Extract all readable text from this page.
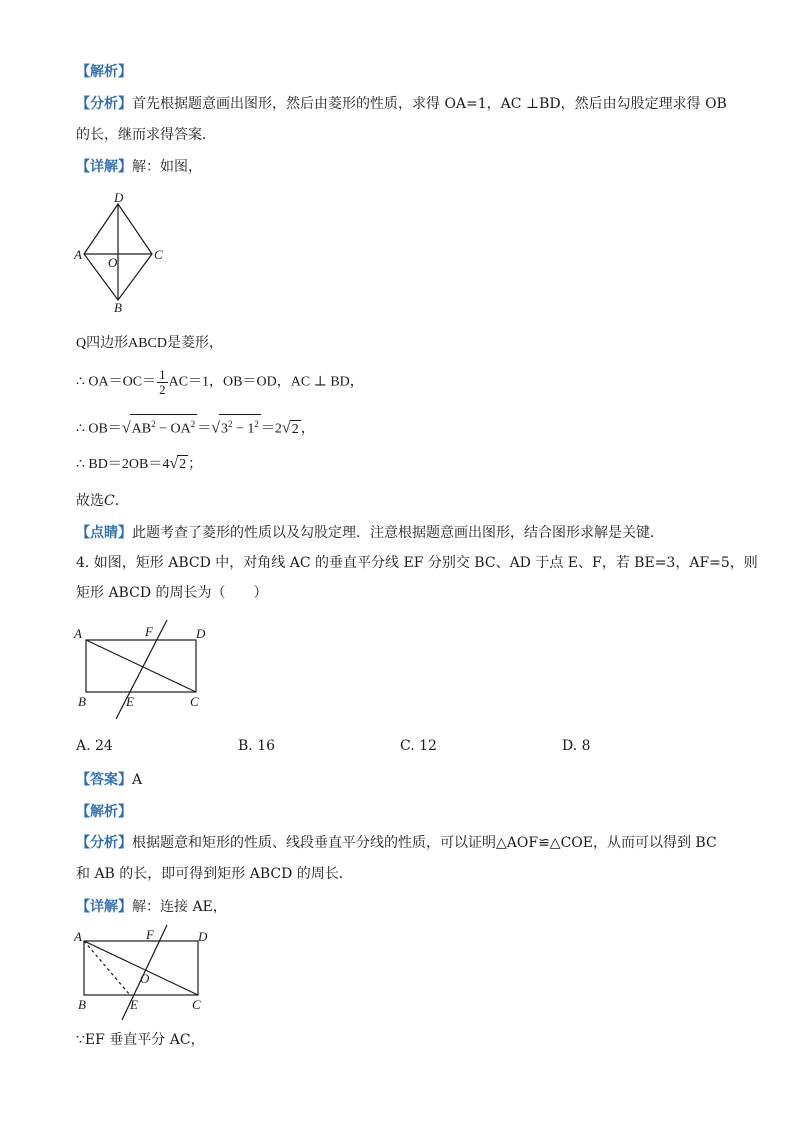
【解析】
【分析】首先根据题意画出图形，然后由菱形的性质，求得 OA=1，AC ⊥BD，然后由勾股定理求得 OB
的长，继而求得答案．
【详解】解：如图，
D
A	C
O
B
Q四边形ABCD是菱形，
∴ $OA=OC= \frac{1}{2} AC=1$，OB＝OD，AC ⊥ BD，
∴ $OB=√AB^2 - OA^2 =√3^2 - 1^2 =2√2$ ，
∴ BD＝2OB＝4√2 ；
故选C．
【点睛】此题考查了菱形的性质以及勾股定理．注意根据题意画出图形，结合图形求解是关键．
4. 如图，矩形 ABCD 中，对角线 AC 的垂直平分线 EF 分别交 BC、AD 于点 E、F，若 BE=3，AF=5，则
矩形 ABCD 的周长为（　　）
A	F	D
B	E	C
A. 24	B. 16	C. 12	D. 8
【答案】A
【解析】
【分析】根据题意和矩形的性质、线段垂直平分线的性质，可以证明△AOF≌△COE，从而可以得到 BC
和 AB 的长，即可得到矩形 ABCD 的周长．
【详解】解：连接 AE，
A	F	D
O
B	E	C
∵EF 垂直平分 AC，
